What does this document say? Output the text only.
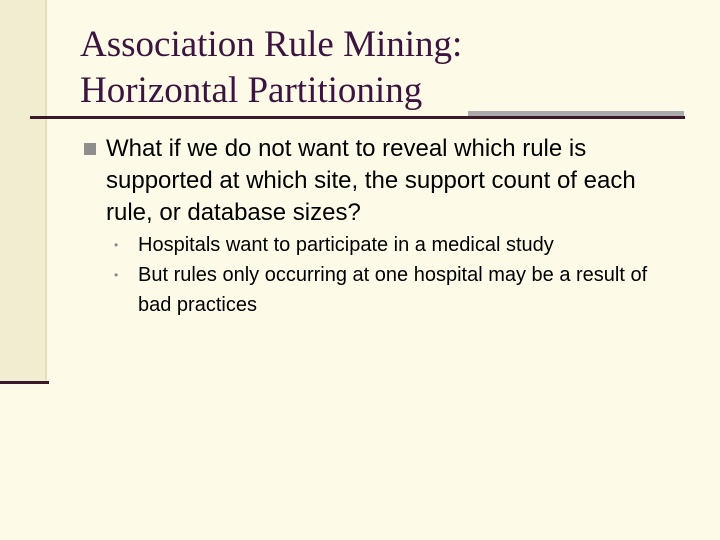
Association Rule Mining:
Horizontal Partitioning
What if we do not want to reveal which rule is supported at which site, the support count of each rule, or database sizes?
• Hospitals want to participate in a medical study
• But rules only occurring at one hospital may be a result of bad practices
